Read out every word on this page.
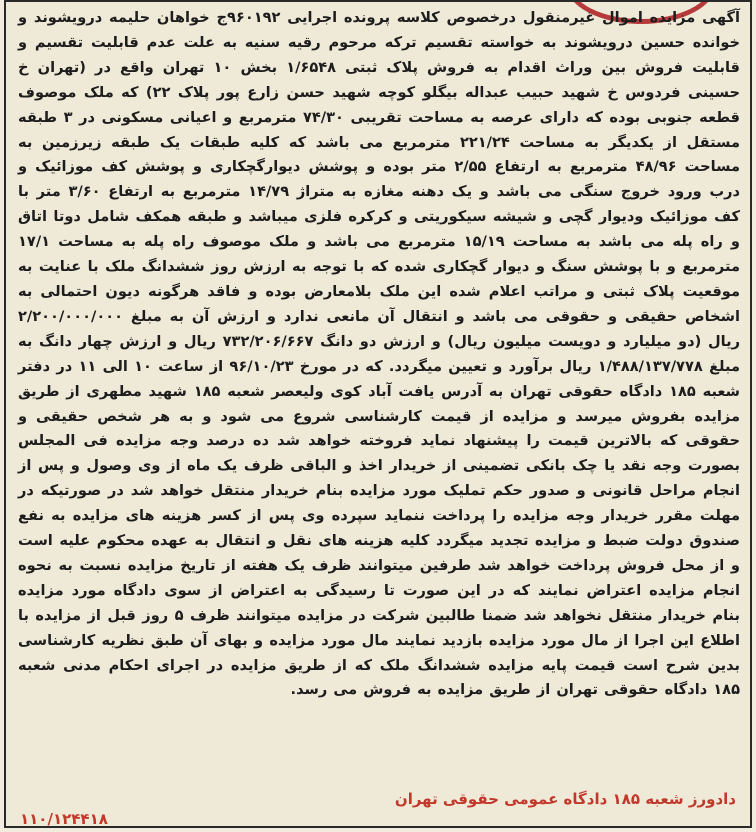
آگهی مزایده اموال غیرمنقول درخصوص کلاسه پرونده اجرایی ۹۶۰۱۹۲ج خواهان حلیمه درویشوند و خوانده حسین درویشوند به خواسته تقسیم ترکه مرحوم رقیه سنیه به علت عدم قابلیت تقسیم و قابلیت فروش بین وراث اقدام به فروش پلاک ثبتی ۱/۶۵۴۸ بخش ۱۰ تهران واقع در (تهران خ حسینی فردوس خ شهید حبیب عبداله بیگلو کوچه شهید حسن زارع پور پلاک ۲۲) که ملک موصوف قطعه جنوبی بوده که دارای عرصه به مساحت تقریبی ۷۴/۳۰ مترمربع و اعیانی مسکونی در ۳ طبقه مستقل از یکدیگر به مساحت ۲۲۱/۲۴ مترمربع می باشد که کلیه طبقات یک طبقه زیرزمین به مساحت ۴۸/۹۶ مترمربع به ارتفاع ۲/۵۵ متر بوده و پوشش دیوارگچکاری و پوشش کف موزائیک و درب ورود خروج سنگی می باشد و یک دهنه مغازه به متراژ ۱۴/۷۹ مترمربع به ارتفاع ۳/۶۰ متر با کف موزائیک ودیوار گچی و شیشه سیکوریتی و کرکره فلزی میباشد و طبقه همکف شامل دوتا اتاق و راه پله می باشد به مساحت ۱۵/۱۹ مترمربع می باشد و ملک موصوف راه پله به مساحت ۱۷/۱ مترمربع و با پوشش سنگ و دیوار گچکاری شده که با توجه به ارزش روز ششدانگ ملک با عنایت به موقعیت پلاک ثبتی و مراتب اعلام شده این ملک بلامعارض بوده و فاقد هرگونه دیون احتمالی به اشخاص حقیقی و حقوقی می باشد و انتقال آن مانعی ندارد و ارزش آن به مبلغ ۲/۲۰۰/۰۰۰/۰۰۰ ریال (دو میلیارد و دویست میلیون ریال) و ارزش دو دانگ ۷۳۲/۲۰۶/۶۶۷ ریال و ارزش چهار دانگ به مبلغ ۱/۴۸۸/۱۳۷/۷۷۸ ریال برآورد و تعیین میگردد. که در مورخ ۹۶/۱۰/۲۳ از ساعت ۱۰ الی ۱۱ در دفتر شعبه ۱۸۵ دادگاه حقوقی تهران به آدرس یافت آباد کوی ولیعصر شعبه ۱۸۵ شهید مطهری از طریق مزایده بفروش میرسد و مزایده از قیمت کارشناسی شروع می شود و به هر شخص حقیقی و حقوقی که بالاترین قیمت را پیشنهاد نماید فروخته خواهد شد ده درصد وجه مزایده فی المجلس بصورت وجه نقد یا چک بانکی تضمینی از خریدار اخذ و الباقی ظرف یک ماه از وی وصول و پس از انجام مراحل قانونی و صدور حکم تملیک مورد مزایده بنام خریدار منتقل خواهد شد در صورتیکه در مهلت مقرر خریدار وجه مزایده را پرداخت ننماید سپرده وی پس از کسر هزینه های مزایده به نفع صندوق دولت ضبط و مزایده تجدید میگردد کلیه هزینه های نقل و انتقال به عهده محکوم علیه است و از محل فروش پرداخت خواهد شد طرفین میتوانند ظرف یک هفته از تاریخ مزایده نسبت به نحوه انجام مزایده اعتراض نمایند که در این صورت تا رسیدگی به اعتراض از سوی دادگاه مورد مزایده بنام خریدار منتقل نخواهد شد ضمنا طالبین شرکت در مزایده میتوانند ظرف ۵ روز قبل از مزایده با اطلاع این اجرا از مال مورد مزایده بازدید نمایند مال مورد مزایده و بهای آن طبق نظریه کارشناسی بدین شرح است قیمت پایه مزایده ششدانگ ملک که از طریق مزایده در اجرای احکام مدنی شعبه ۱۸۵ دادگاه حقوقی تهران از طریق مزایده به فروش می رسد.

دادورز شعبه ۱۸۵ دادگاه عمومی حقوقی تهران
۱۱۰/۱۲۴۴۱۸
